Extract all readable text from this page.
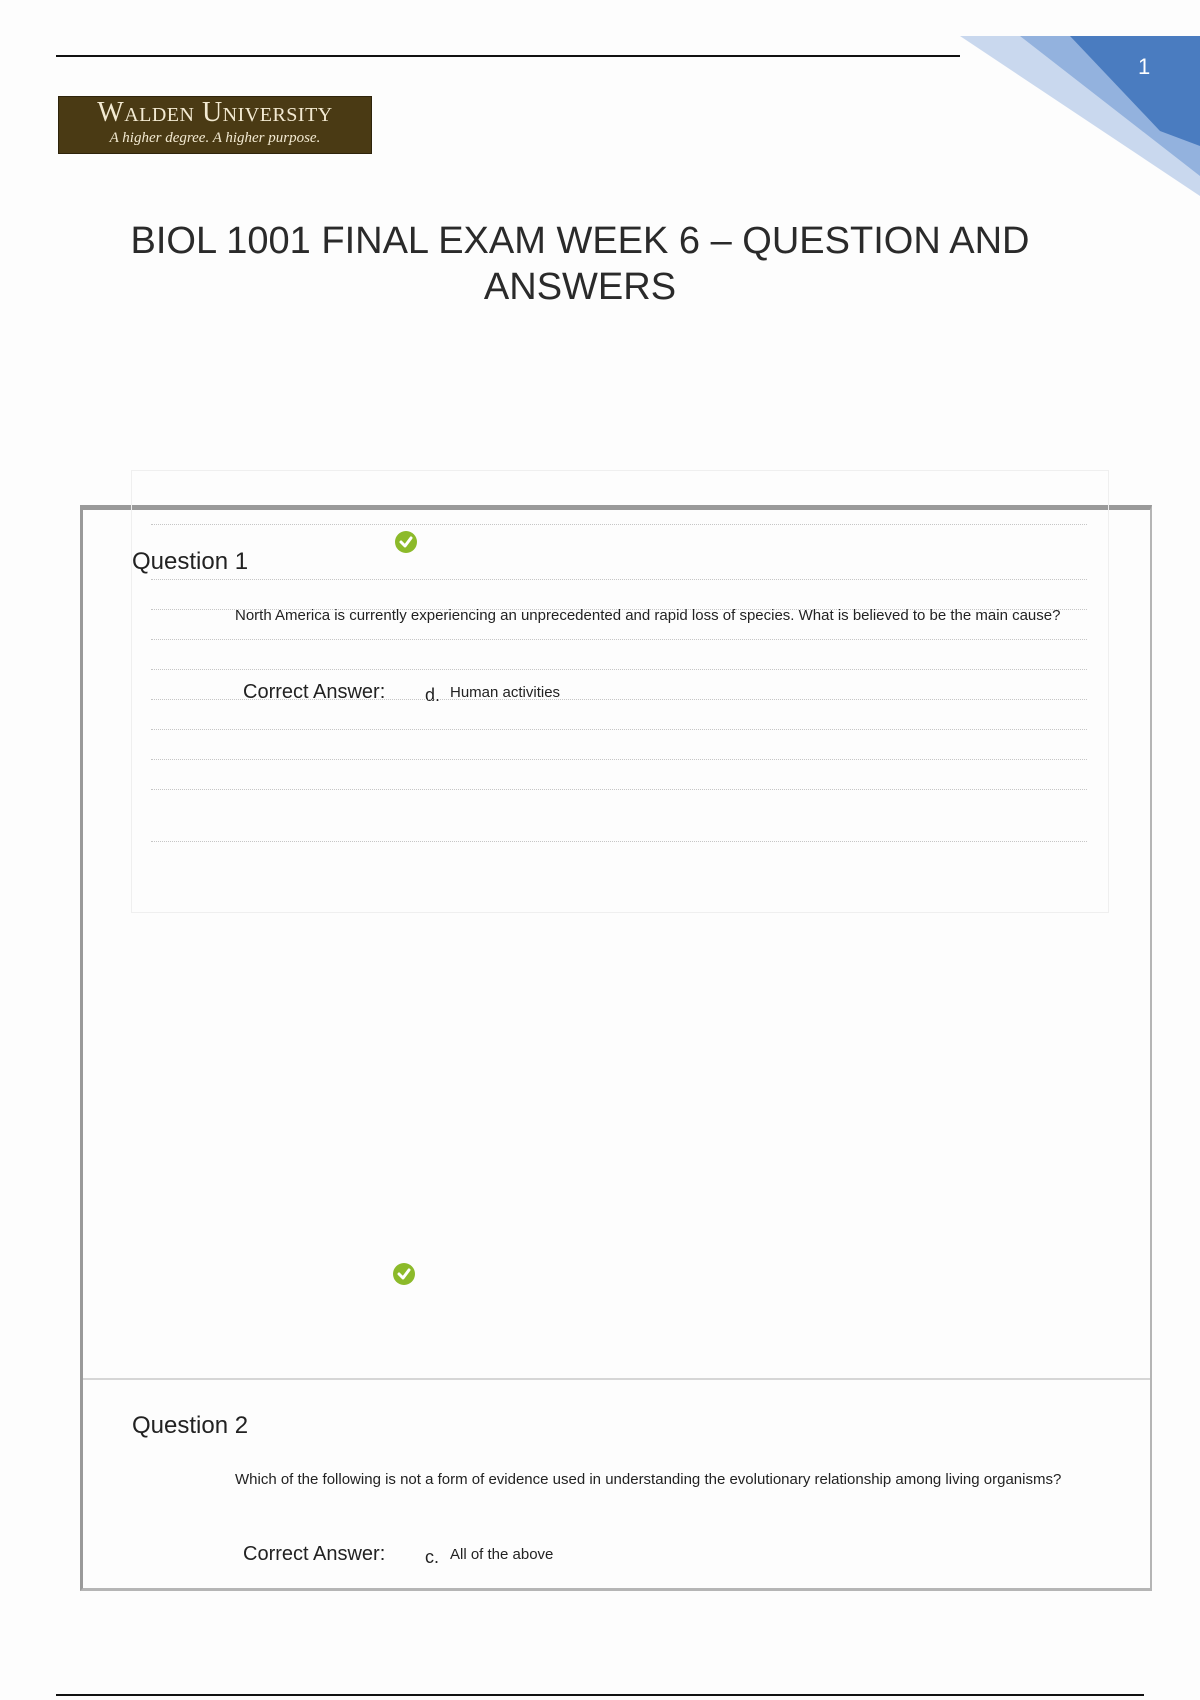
1
Walden University
A higher degree. A higher purpose.
BIOL 1001 FINAL EXAM WEEK 6 – QUESTION AND ANSWERS
Question 1
North America is currently experiencing an unprecedented and rapid loss of species. What is believed to be the main cause?
Correct Answer: d. Human activities
Question 2
Which of the following is not a form of evidence used in understanding the evolutionary relationship among living organisms?
Correct Answer: c. All of the above
